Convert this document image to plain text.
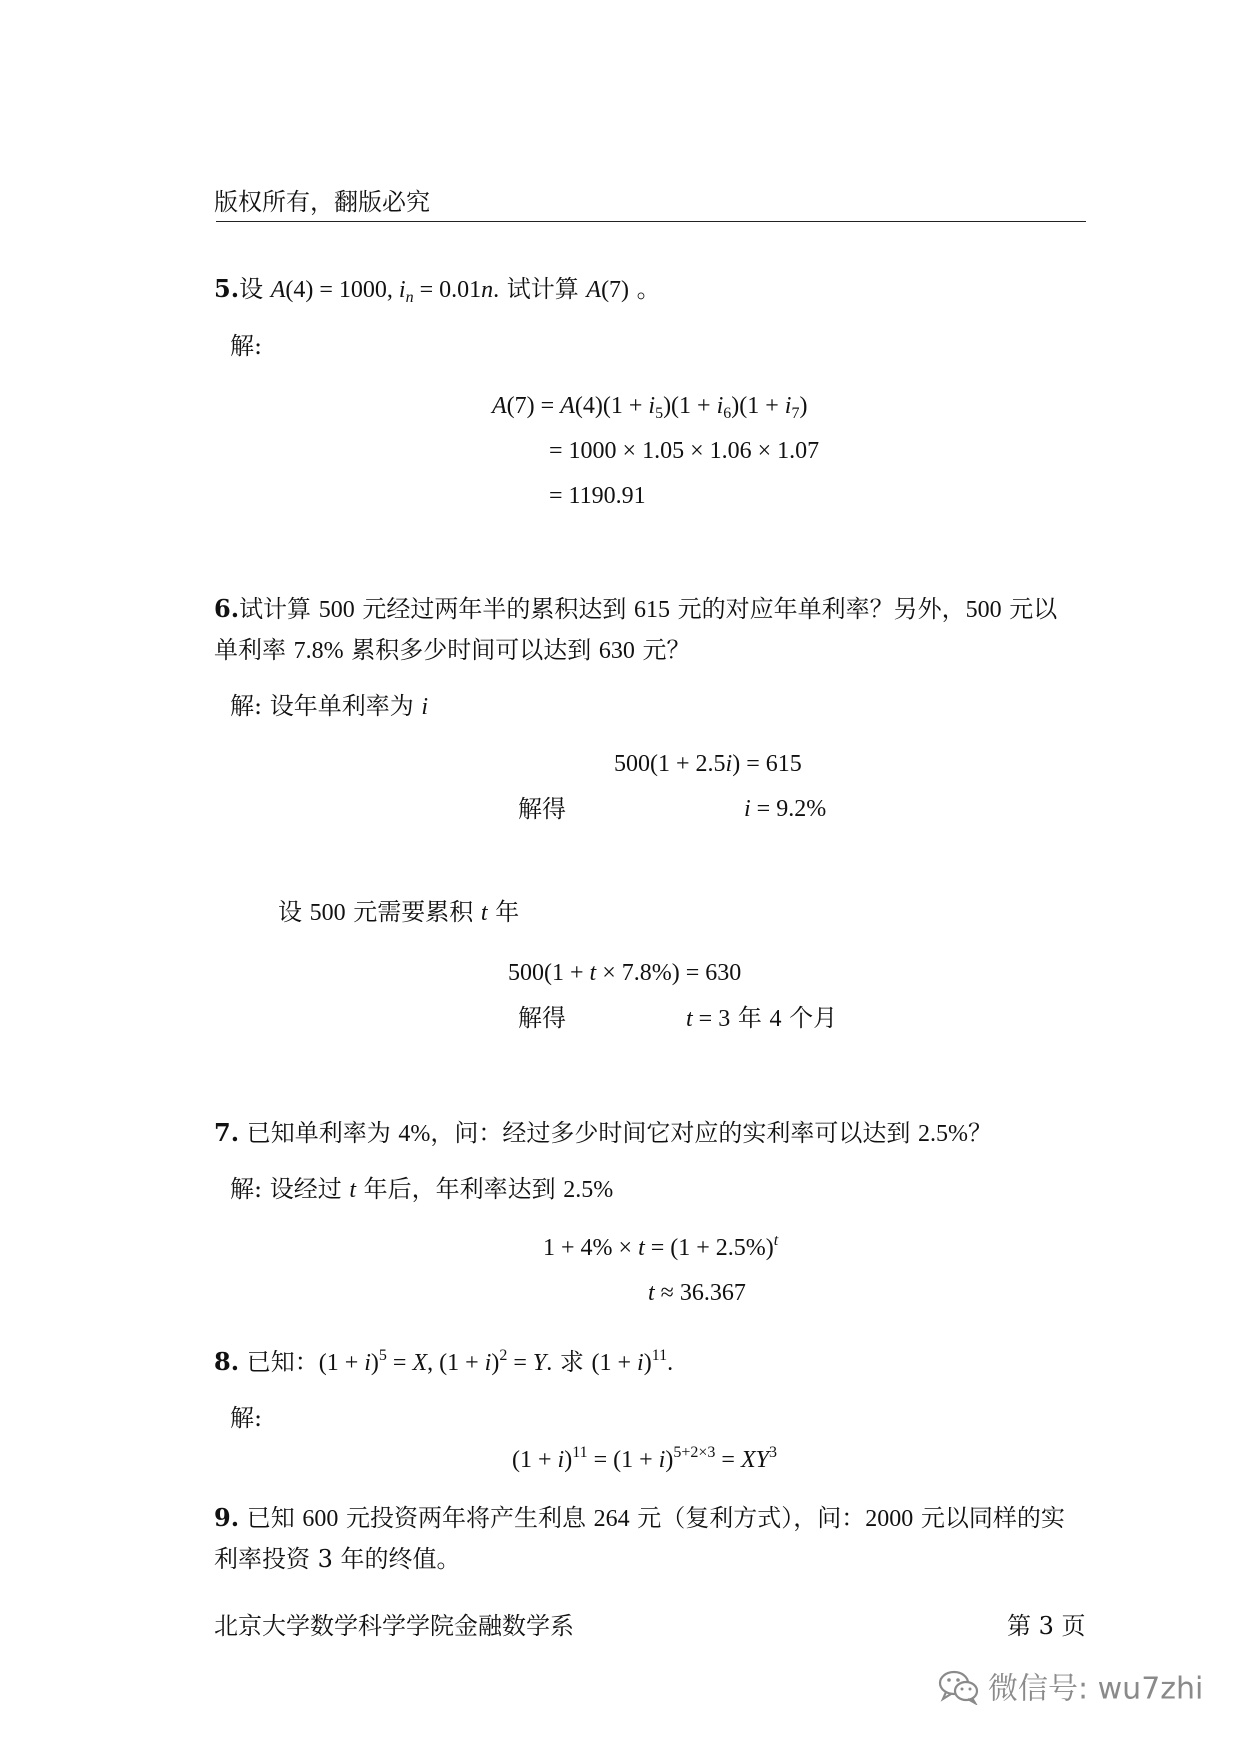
版权所有，翻版必究
5.设 A(4) = 1000, $i_n = 0.01n$. 试计算 A(7) 。
解:
$A(7) = A(4)(1 + i_5)(1 + i_6)(1 + i_7)$
= 1000 × 1.05 × 1.06 × 1.07
= 1190.91
6.试计算 500 元经过两年半的累积达到 615 元的对应年单利率？另外，500 元以
单利率 7.8% 累积多少时间可以达到 630 元？
解: 设年单利率为 i
500(1 + 2.5i) = 615
解得	i = 9.2%
设 500 元需要累积 t 年
500(1 + t × 7.8%) = 630
解得	t = 3 年 4 个月
7. 已知单利率为 4%，问：经过多少时间它对应的实利率可以达到 2.5%？
解: 设经过 t 年后，年利率达到 2.5%
$1 + 4\% \times t = (1 + 2.5\%)^t$
t ≈ 36.367
8. 已知：$(1 + i)^5 = X$, $(1 + i)^2 = Y$. 求 $(1 + i)^{11}$.
解:
$(1 + i)^{11} = (1 + i)^{5+2\times 3} = XY^3$
9. 已知 600 元投资两年将产生利息 264 元（复利方式），问：2000 元以同样的实
利率投资 3 年的终值。
北京大学数学科学学院金融数学系	第 3 页
微信号: wu7zhi
